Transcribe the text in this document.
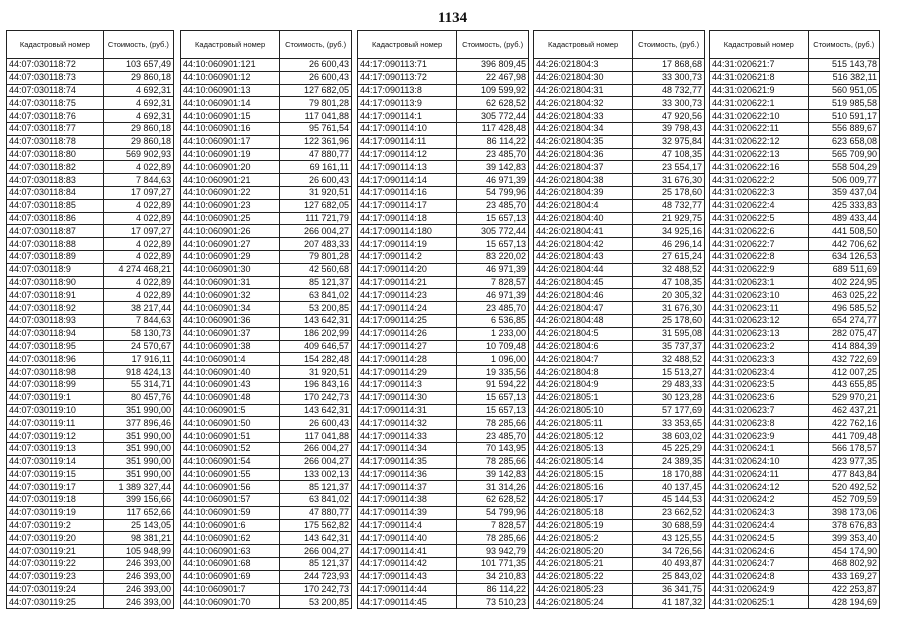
1134
Кадастровый номер	Стоимость, (руб.)
44:07:030118:72	103 657,49
44:07:030118:73	29 860,18
44:07:030118:74	4 692,31
44:07:030118:75	4 692,31
44:07:030118:76	4 692,31
44:07:030118:77	29 860,18
44:07:030118:78	29 860,18
44:07:030118:80	569 902,93
44:07:030118:82	4 022,89
44:07:030118:83	7 844,63
44:07:030118:84	17 097,27
44:07:030118:85	4 022,89
44:07:030118:86	4 022,89
44:07:030118:87	17 097,27
44:07:030118:88	4 022,89
44:07:030118:89	4 022,89
44:07:030118:9	4 274 468,21
44:07:030118:90	4 022,89
44:07:030118:91	4 022,89
44:07:030118:92	38 217,44
44:07:030118:93	7 844,63
44:07:030118:94	58 130,73
44:07:030118:95	24 570,67
44:07:030118:96	17 916,11
44:07:030118:98	918 424,13
44:07:030118:99	55 314,71
44:07:030119:1	80 457,76
44:07:030119:10	351 990,00
44:07:030119:11	377 896,46
44:07:030119:12	351 990,00
44:07:030119:13	351 990,00
44:07:030119:14	351 990,00
44:07:030119:15	351 990,00
44:07:030119:17	1 389 327,44
44:07:030119:18	399 156,66
44:07:030119:19	117 652,66
44:07:030119:2	25 143,05
44:07:030119:20	98 381,21
44:07:030119:21	105 948,99
44:07:030119:22	246 393,00
44:07:030119:23	246 393,00
44:07:030119:24	246 393,00
44:07:030119:25	246 393,00
Кадастровый номер	Стоимость, (руб.)
44:10:060901:121	26 600,43
44:10:060901:12	26 600,43
44:10:060901:13	127 682,05
44:10:060901:14	79 801,28
44:10:060901:15	117 041,88
44:10:060901:16	95 761,54
44:10:060901:17	122 361,96
44:10:060901:19	47 880,77
44:10:060901:20	69 161,11
44:10:060901:21	26 600,43
44:10:060901:22	31 920,51
44:10:060901:23	127 682,05
44:10:060901:25	111 721,79
44:10:060901:26	266 004,27
44:10:060901:27	207 483,33
44:10:060901:29	79 801,28
44:10:060901:30	42 560,68
44:10:060901:31	85 121,37
44:10:060901:32	63 841,02
44:10:060901:34	53 200,85
44:10:060901:36	143 642,31
44:10:060901:37	186 202,99
44:10:060901:38	409 646,57
44:10:060901:4	154 282,48
44:10:060901:40	31 920,51
44:10:060901:43	196 843,16
44:10:060901:48	170 242,73
44:10:060901:5	143 642,31
44:10:060901:50	26 600,43
44:10:060901:51	117 041,88
44:10:060901:52	266 004,27
44:10:060901:54	266 004,27
44:10:060901:55	133 002,13
44:10:060901:56	85 121,37
44:10:060901:57	63 841,02
44:10:060901:59	47 880,77
44:10:060901:6	175 562,82
44:10:060901:62	143 642,31
44:10:060901:63	266 004,27
44:10:060901:68	85 121,37
44:10:060901:69	244 723,93
44:10:060901:7	170 242,73
44:10:060901:70	53 200,85
Кадастровый номер	Стоимость, (руб.)
44:17:090113:71	396 809,45
44:17:090113:72	22 467,98
44:17:090113:8	109 599,92
44:17:090113:9	62 628,52
44:17:090114:1	305 772,44
44:17:090114:10	117 428,48
44:17:090114:11	86 114,22
44:17:090114:12	23 485,70
44:17:090114:13	39 142,83
44:17:090114:14	46 971,39
44:17:090114:16	54 799,96
44:17:090114:17	23 485,70
44:17:090114:18	15 657,13
44:17:090114:180	305 772,44
44:17:090114:19	15 657,13
44:17:090114:2	83 220,02
44:17:090114:20	46 971,39
44:17:090114:21	7 828,57
44:17:090114:23	46 971,39
44:17:090114:24	23 485,70
44:17:090114:25	6 536,85
44:17:090114:26	1 233,00
44:17:090114:27	10 709,48
44:17:090114:28	1 096,00
44:17:090114:29	19 335,56
44:17:090114:3	91 594,22
44:17:090114:30	15 657,13
44:17:090114:31	15 657,13
44:17:090114:32	78 285,66
44:17:090114:33	23 485,70
44:17:090114:34	70 143,95
44:17:090114:35	78 285,66
44:17:090114:36	39 142,83
44:17:090114:37	31 314,26
44:17:090114:38	62 628,52
44:17:090114:39	54 799,96
44:17:090114:4	7 828,57
44:17:090114:40	78 285,66
44:17:090114:41	93 942,79
44:17:090114:42	101 771,35
44:17:090114:43	34 210,83
44:17:090114:44	86 114,22
44:17:090114:45	73 510,23
Кадастровый номер	Стоимость, (руб.)
44:26:021804:3	17 868,68
44:26:021804:30	33 300,73
44:26:021804:31	48 732,77
44:26:021804:32	33 300,73
44:26:021804:33	47 920,56
44:26:021804:34	39 798,43
44:26:021804:35	32 975,84
44:26:021804:36	47 108,35
44:26:021804:37	23 554,17
44:26:021804:38	31 676,30
44:26:021804:39	25 178,60
44:26:021804:4	48 732,77
44:26:021804:40	21 929,75
44:26:021804:41	34 925,16
44:26:021804:42	46 296,14
44:26:021804:43	27 615,24
44:26:021804:44	32 488,52
44:26:021804:45	47 108,35
44:26:021804:46	20 305,32
44:26:021804:47	31 676,30
44:26:021804:48	25 178,60
44:26:021804:5	31 595,08
44:26:021804:6	35 737,37
44:26:021804:7	32 488,52
44:26:021804:8	15 513,27
44:26:021804:9	29 483,33
44:26:021805:1	30 123,28
44:26:021805:10	57 177,69
44:26:021805:11	33 353,65
44:26:021805:12	38 603,02
44:26:021805:13	45 225,29
44:26:021805:14	24 389,35
44:26:021805:15	18 170,88
44:26:021805:16	40 137,45
44:26:021805:17	45 144,53
44:26:021805:18	23 662,52
44:26:021805:19	30 688,59
44:26:021805:2	43 125,55
44:26:021805:20	34 726,56
44:26:021805:21	40 493,87
44:26:021805:22	25 843,02
44:26:021805:23	36 341,75
44:26:021805:24	41 187,32
Кадастровый номер	Стоимость, (руб.)
44:31:020621:7	515 143,78
44:31:020621:8	516 382,11
44:31:020621:9	560 951,05
44:31:020622:1	519 985,58
44:31:020622:10	510 591,17
44:31:020622:11	556 889,67
44:31:020622:12	623 658,08
44:31:020622:13	565 709,90
44:31:020622:16	558 504,29
44:31:020622:2	506 009,77
44:31:020622:3	359 437,04
44:31:020622:4	425 333,83
44:31:020622:5	489 433,44
44:31:020622:6	441 508,50
44:31:020622:7	442 706,62
44:31:020622:8	634 126,53
44:31:020622:9	689 511,69
44:31:020623:1	402 224,95
44:31:020623:10	463 025,22
44:31:020623:11	496 585,52
44:31:020623:12	654 274,77
44:31:020623:13	282 075,47
44:31:020623:2	414 884,39
44:31:020623:3	432 722,69
44:31:020623:4	412 007,25
44:31:020623:5	443 655,85
44:31:020623:6	529 970,21
44:31:020623:7	462 437,21
44:31:020623:8	422 762,16
44:31:020623:9	441 709,48
44:31:020624:1	566 178,57
44:31:020624:10	423 977,35
44:31:020624:11	477 843,84
44:31:020624:12	520 492,52
44:31:020624:2	452 709,59
44:31:020624:3	398 173,06
44:31:020624:4	378 676,83
44:31:020624:5	399 353,40
44:31:020624:6	454 174,90
44:31:020624:7	468 802,92
44:31:020624:8	433 169,27
44:31:020624:9	422 253,87
44:31:020625:1	428 194,69
